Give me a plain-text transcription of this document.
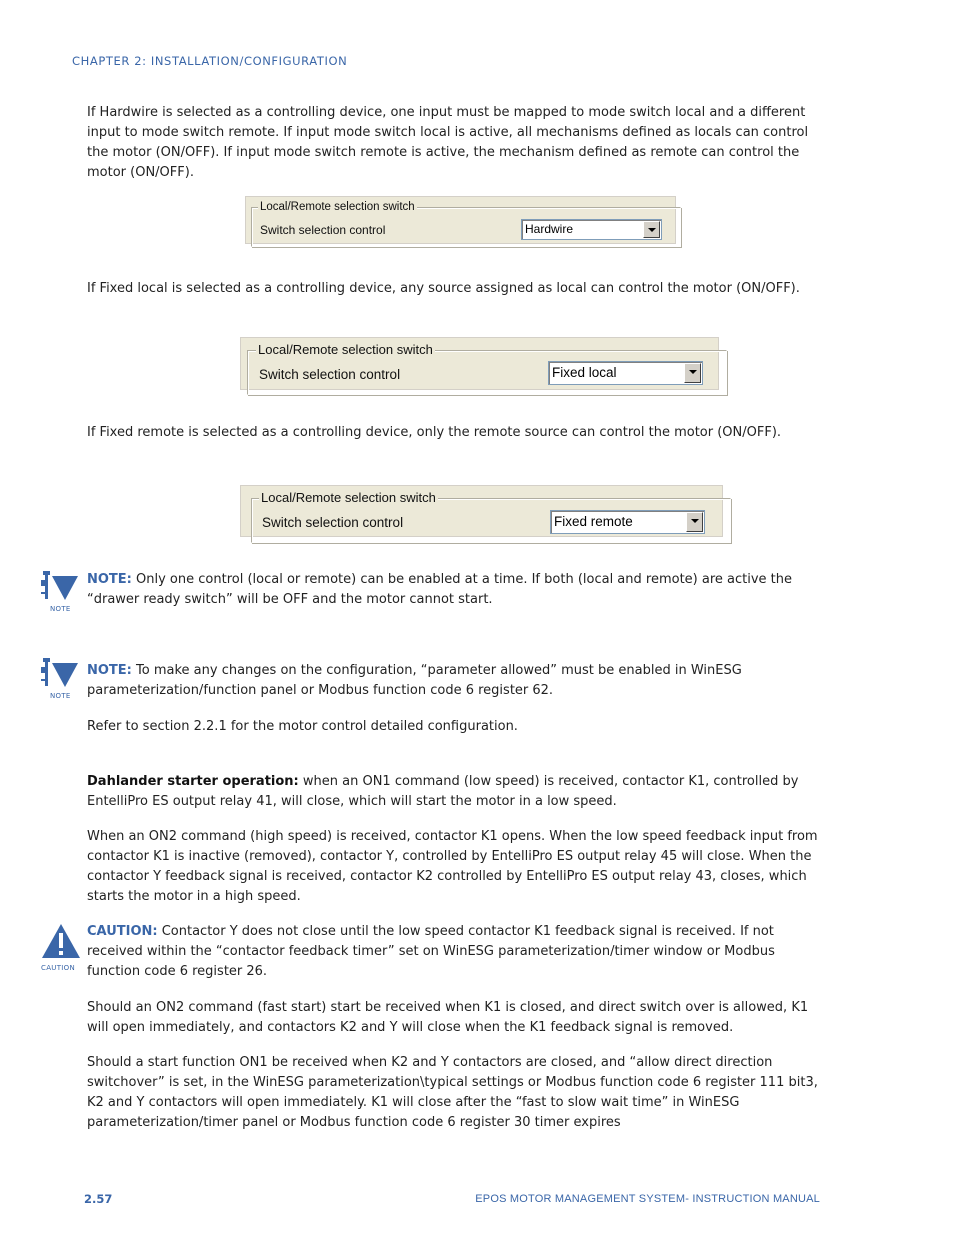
CHAPTER 2: INSTALLATION/CONFIGURATION

If Hardwire is selected as a controlling device, one input must be mapped to mode switch local and a different input to mode switch remote. If input mode switch local is active, all mechanisms defined as locals can control the motor (ON/OFF). If input mode switch remote is active, the mechanism defined as remote can control the motor (ON/OFF).

Local/Remote selection switch
Switch selection control	Hardwire

If Fixed local is selected as a controlling device, any source assigned as local can control the motor (ON/OFF).

Local/Remote selection switch
Switch selection control	Fixed local

If Fixed remote is selected as a controlling device, only the remote source can control the motor (ON/OFF).

Local/Remote selection switch
Switch selection control	Fixed remote
NOTE

NOTE: Only one control (local or remote) can be enabled at a time. If both (local and remote) are active the “drawer ready switch” will be OFF and the motor cannot start.

NOTE

NOTE: To make any changes on the configuration, “parameter allowed” must be enabled in WinESG parameterization/function panel or Modbus function code 6 register 62.

Refer to section 2.2.1 for the motor control detailed configuration.

Dahlander starter operation: when an ON1 command (low speed) is received, contactor K1, controlled by EntelliPro ES output relay 41, will close, which will start the motor in a low speed.

When an ON2 command (high speed) is received, contactor K1 opens. When the low speed feedback input from contactor K1 is inactive (removed), contactor Y, controlled by EntelliPro ES output relay 45 will close. When the contactor Y feedback signal is received, contactor K2 controlled by EntelliPro ES output relay 43, closes, which starts the motor in a high speed.

CAUTION

CAUTION: Contactor Y does not close until the low speed contactor K1 feedback signal is received. If not received within the “contactor feedback timer” set on WinESG parameterization/timer window or Modbus function code 6 register 26.

Should an ON2 command (fast start) start be received when K1 is closed, and direct switch over is allowed, K1 will open immediately, and contactors K2 and Y will close when the K1 feedback signal is removed.

Should a start function ON1 be received when K2 and Y contactors are closed, and “allow direct direction switchover” is set, in the WinESG parameterization\typical settings or Modbus function code 6 register 111 bit3, K2 and Y contactors will open immediately. K1 will close after the “fast to slow wait time” in WinESG parameterization/timer panel or Modbus function code 6 register 30 timer expires

2.57	EPOS MOTOR MANAGEMENT SYSTEM- INSTRUCTION MANUAL
